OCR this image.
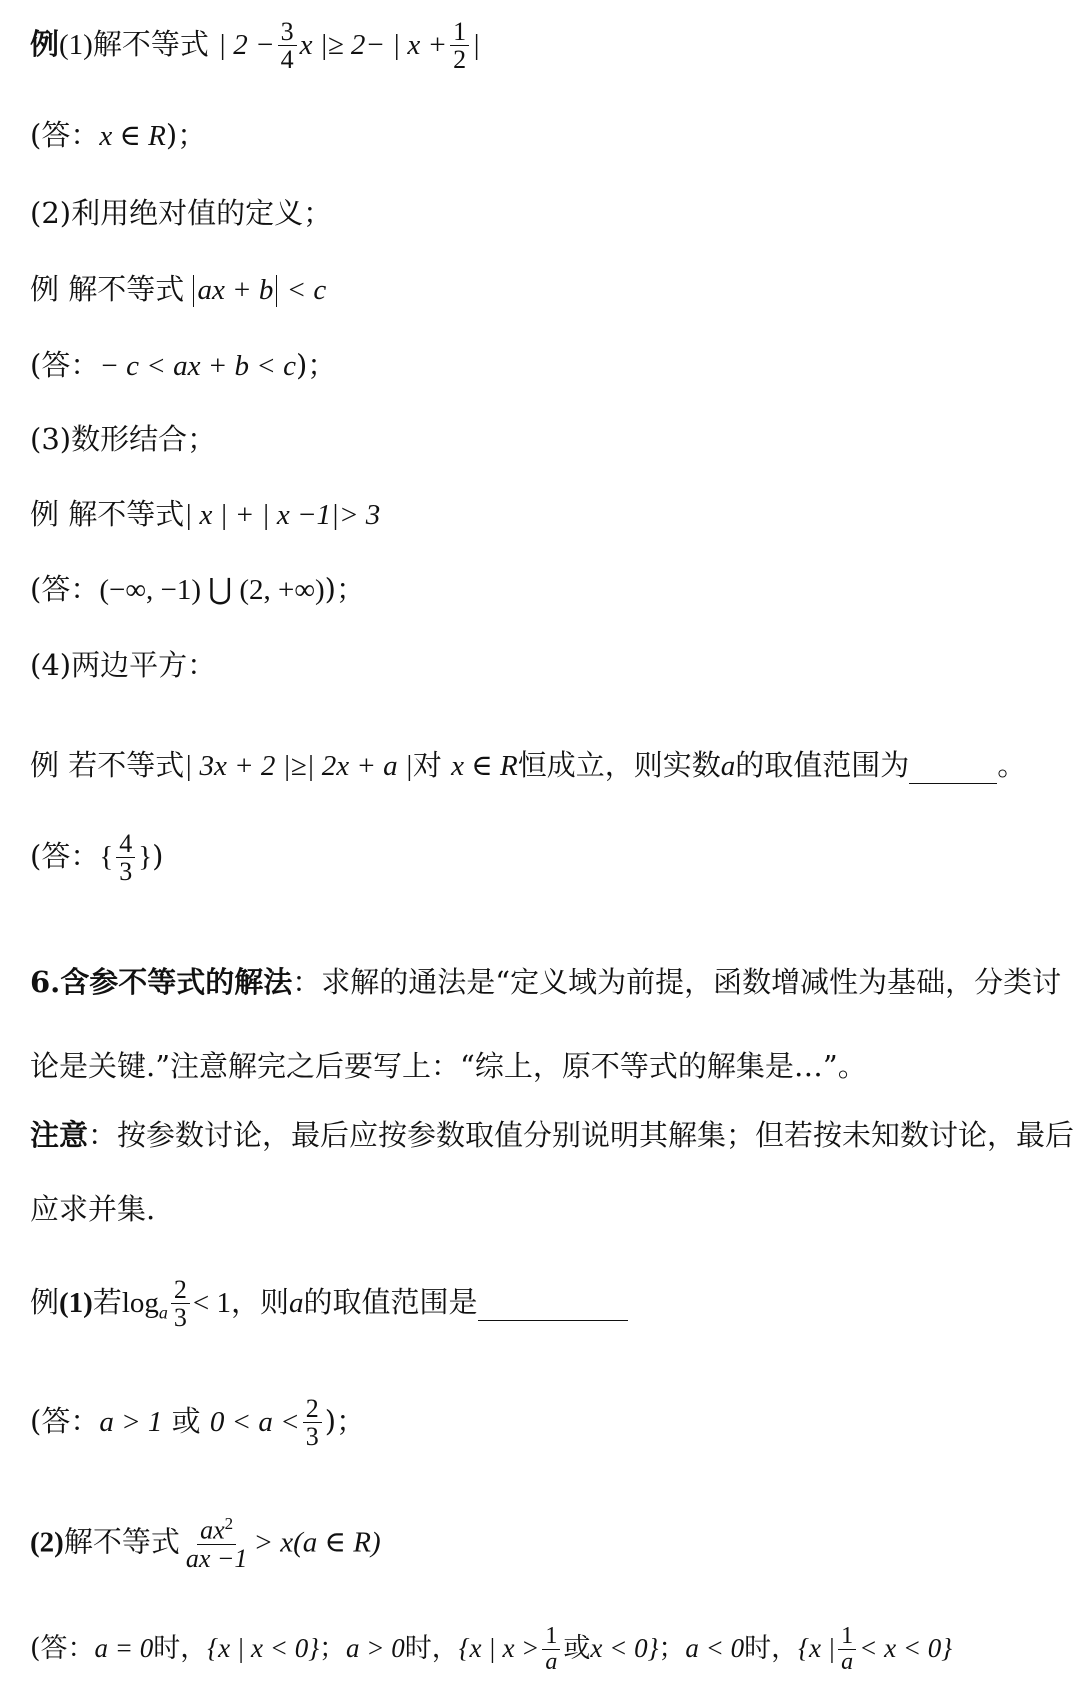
例(1)解不等式 | $2 - \frac{3}{4}$ x |≥ 2− | $x + \frac{1}{2}$ |
(答：x ∈ R)；
(2)利用绝对值的定义；
例 解不等式 ax + b < c
(答：− c < ax + b < c)；
(3)数形结合；
例 解不等式| x | + | x −1|> 3
(答：(−∞, −1) ⋃ (2, +∞))；
(4)两边平方：
例 若不等式| 3x + 2 |≥| 2x + a |对 x ∈ R恒成立，则实数a的取值范围为	。
(答：{ $\frac{4}{3}$ })
6.含参不等式的解法：求解的通法是“定义域为前提，函数增减性为基础，分类讨论是关键.”注意解完之后要写上：“综上，原不等式的解集是…”。
注意：按参数讨论，最后应按参数取值分别说明其解集；但若按未知数讨论，最后应求并集.
例(1)若$\log_a \frac{2}{3} < 1$，则a的取值范围是
(答：a > 1 或 $0 < a < \frac{2}{3}$ )；
(2)解不等式 $\frac{ax^2}{ax -1} > x(a$ ∈ R)
(答：a = 0时，{x | x < 0}；a > 0时，{x | $x > \frac{1}{a}$ 或x < 0}；a < 0时，{x | $\frac{1}{a} < x < 0$}
